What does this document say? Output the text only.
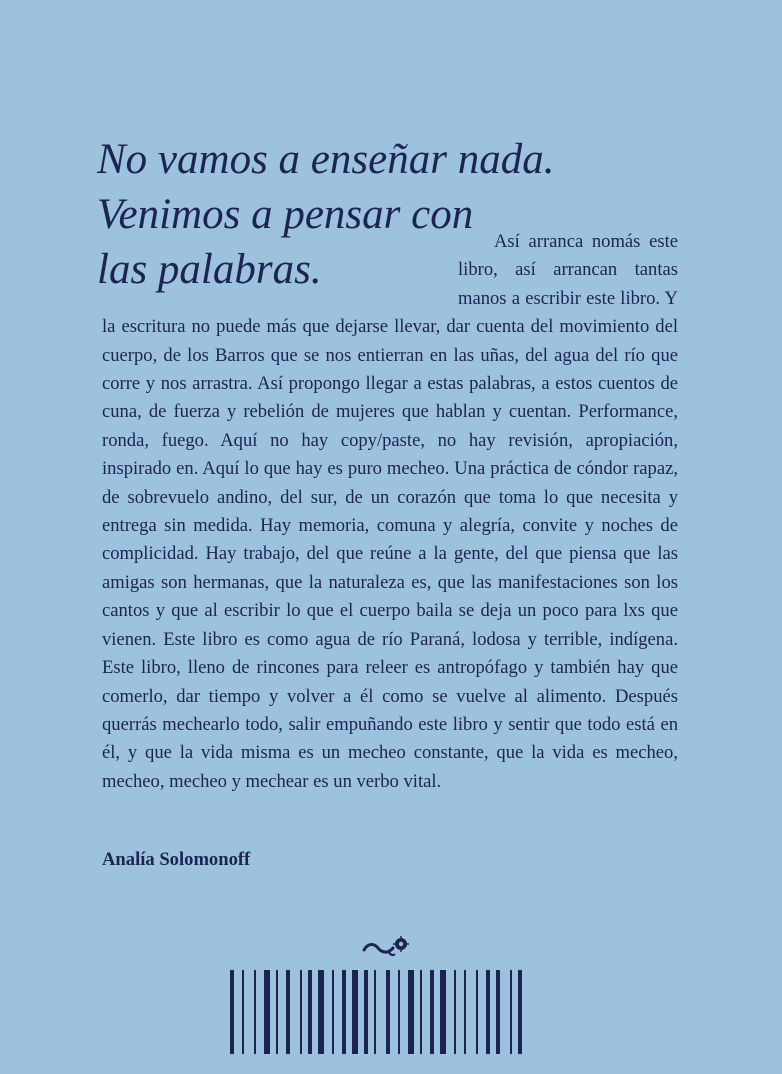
No vamos a enseñar nada.
Venimos a pensar con
las palabras.
Así arranca nomás este libro, así arrancan tantas manos a escribir este libro. Y la escritura no puede más que dejarse llevar, dar cuenta del movimiento del cuerpo, de los Barros que se nos entierran en las uñas, del agua del río que corre y nos arrastra. Así propongo llegar a estas palabras, a estos cuentos de cuna, de fuerza y rebelión de mujeres que hablan y cuentan. Performance, ronda, fuego. Aquí no hay copy/paste, no hay revisión, apropiación, inspirado en. Aquí lo que hay es puro mecheo. Una práctica de cóndor rapaz, de sobrevuelo andino, del sur, de un corazón que toma lo que necesita y entrega sin medida. Hay memoria, comuna y alegría, convite y noches de complicidad. Hay trabajo, del que reúne a la gente, del que piensa que las amigas son hermanas, que la naturaleza es, que las manifestaciones son los cantos y que al escribir lo que el cuerpo baila se deja un poco para lxs que vienen. Este libro es como agua de río Paraná, lodosa y terrible, indígena. Este libro, lleno de rincones para releer es antropófago y también hay que comerlo, dar tiempo y volver a él como se vuelve al alimento. Después querrás mechearlo todo, salir empuñando este libro y sentir que todo está en él, y que la vida misma es un mecheo constante, que la vida es mecheo, mecheo, mecheo y mechear es un verbo vital.

Analía Solomonoff
